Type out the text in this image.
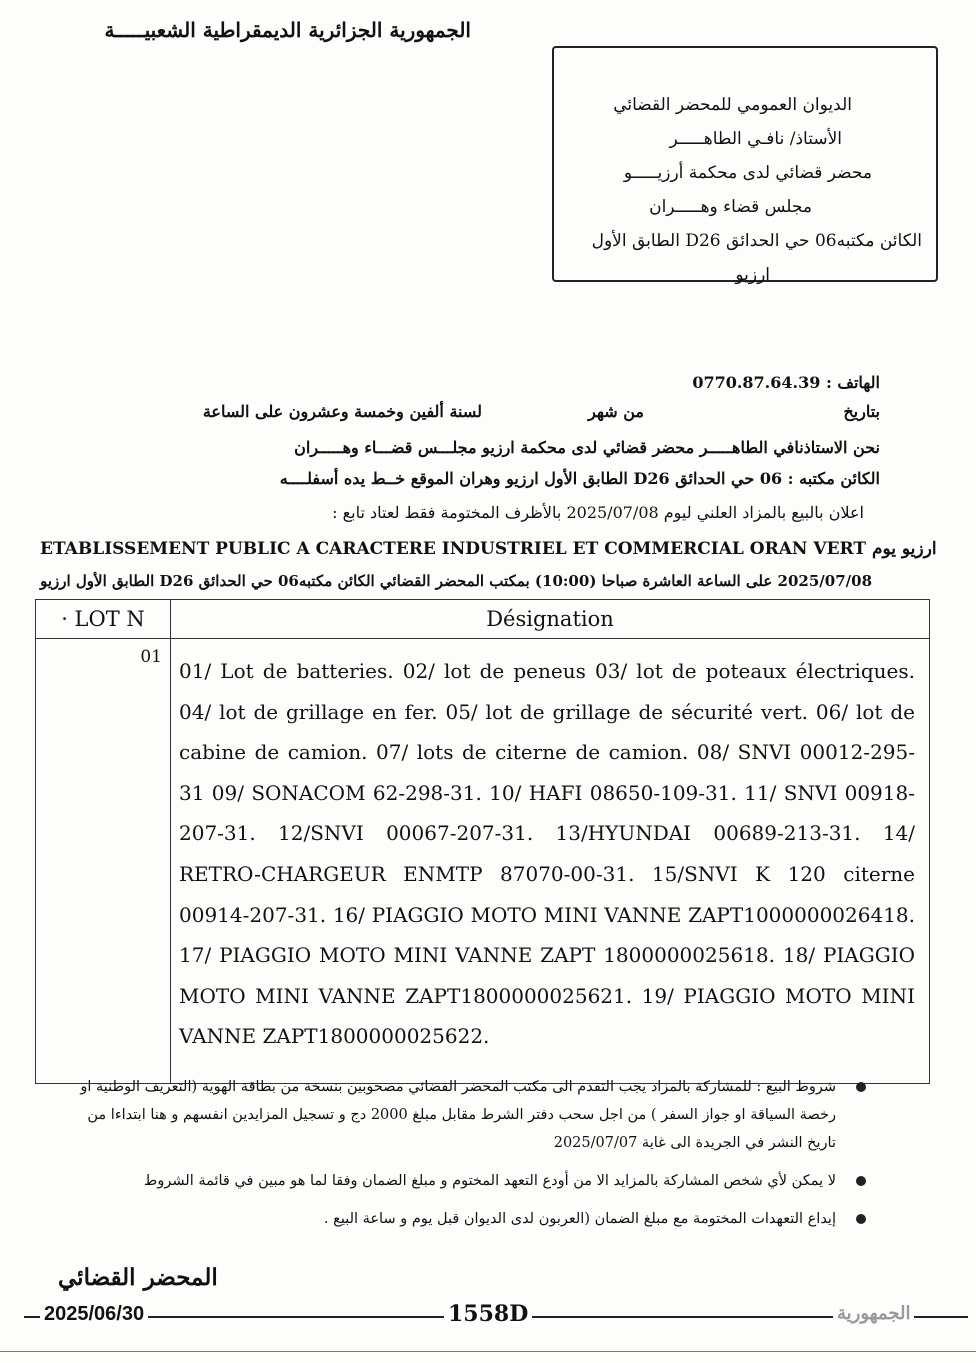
الجمهورية الجزائرية الديمقراطية الشعبيـــــة
الديوان العمومي للمحضر القضائي
الأستاذ/ نافـي الطاهـــــر
محضر قضائي لدى محكمة أرزيـــــو
مجلس قضاء وهـــــران
الكائن مكتبه06 حي الحدائق D26 الطابق الأول
ارزيو
الهاتف : 0770.87.64.39
بتاريخ
من شهر
لسنة ألفين وخمسة وعشرون على الساعة
نحن الاستاذنافي الطاهـــــر محضر قضائي لدى محكمة ارزيو مجلـــس قضـــاء وهـــــران
الكائن مكتبه : 06 حي الحدائق D26 الطابق الأول ارزيو وهران الموقع خــط يده أسفلــــه
اعلان بالبيع بالمزاد العلني ليوم 2025/07/08 بالأظرف المختومة فقط لعتاد تابع :
ETABLISSEMENT PUBLIC A CARACTERE INDUSTRIEL ET COMMERCIAL ORAN VERT ارزيو يوم
2025/07/08 على الساعة العاشرة صباحا (10:00) بمكتب المحضر القضائي الكائن مكتبه06 حي الحدائق D26 الطابق الأول ارزيو
· LOT N	Désignation
01	01/ Lot de batteries. 02/ lot de peneus 03/ lot de poteaux électriques. 04/ lot de grillage en fer. 05/ lot de grillage de sécurité vert. 06/ lot de cabine de camion. 07/ lots de citerne de camion. 08/ SNVI 00012-295-31 09/ SONACOM 62-298-31. 10/ HAFI 08650-109-31. 11/ SNVI 00918-207-31. 12/SNVI 00067-207-31. 13/HYUNDAI 00689-213-31. 14/ RETRO-CHARGEUR ENMTP 87070-00-31. 15/SNVI K 120 citerne 00914-207-31. 16/ PIAGGIO MOTO MINI VANNE ZAPT1000000026418. 17/ PIAGGIO MOTO MINI VANNE ZAPT 1800000025618. 18/ PIAGGIO MOTO MINI VANNE ZAPT1800000025621. 19/ PIAGGIO MOTO MINI VANNE ZAPT1800000025622.
شروط البيع : للمشاركة بالمزاد يجب التقدم الى مكتب المحضر القضائي مصحوبين بنسخة من بطاقة الهوية (التعريف الوطنية او رخصة السياقة او جواز السفر ) من اجل سحب دفتر الشرط مقابل مبلغ 2000 دج و تسجيل المزايدين انفسهم و هنا ابتداءا من تاريخ النشر في الجريدة الى غاية 2025/07/07
لا يمكن لأي شخص المشاركة بالمزايد الا من أودع التعهد المختوم و مبلغ الضمان وفقا لما هو مبين في قائمة الشروط
إيداع التعهدات المختومة مع مبلغ الضمان (العربون لدى الديوان قبل يوم و ساعة البيع .
المحضر القضائي
2025/06/30	1558D	الجمهورية
